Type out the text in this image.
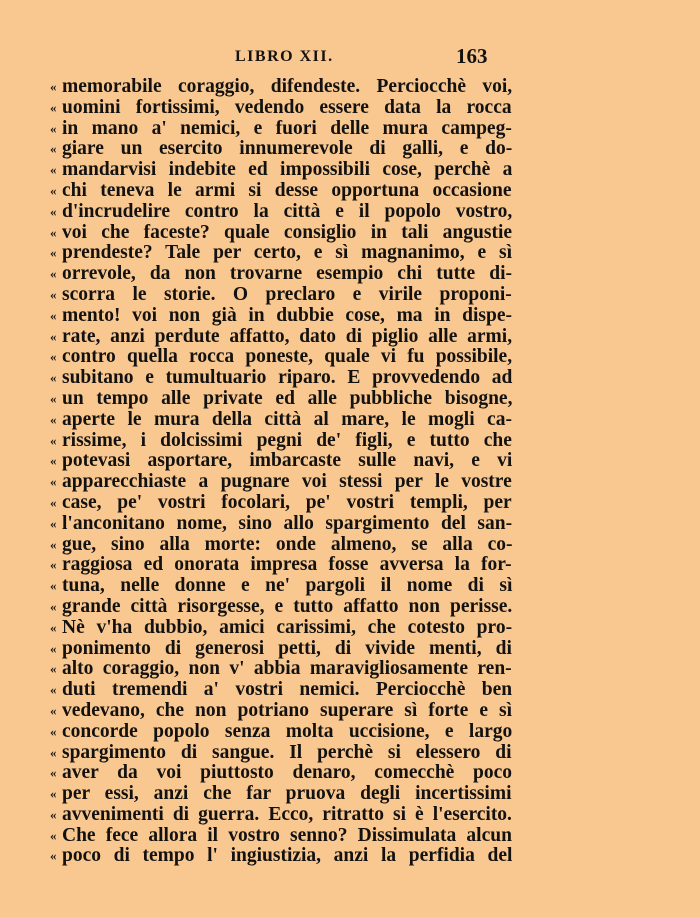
LIBRO XII.	163
« memorabile coraggio, difendeste. Perciocchè voi,
« uomini fortissimi, vedendo essere data la rocca
« in mano a' nemici, e fuori delle mura campeg-
« giare un esercito innumerevole di galli, e do-
« mandarvisi indebite ed impossibili cose, perchè a
« chi teneva le armi si desse opportuna occasione
« d'incrudelire contro la città e il popolo vostro,
« voi che faceste? quale consiglio in tali angustie
« prendeste? Tale per certo, e sì magnanimo, e sì
« orrevole, da non trovarne esempio chi tutte di-
« scorra le storie. O preclaro e virile proponi-
« mento! voi non già in dubbie cose, ma in dispe-
« rate, anzi perdute affatto, dato di piglio alle armi,
« contro quella rocca poneste, quale vi fu possibile,
« subitano e tumultuario riparo. E provvedendo ad
« un tempo alle private ed alle pubbliche bisogne,
« aperte le mura della città al mare, le mogli ca-
« rissime, i dolcissimi pegni de' figli, e tutto che
« potevasi asportare, imbarcaste sulle navi, e vi
« apparecchiaste a pugnare voi stessi per le vostre
« case, pe' vostri focolari, pe' vostri templi, per
« l'anconitano nome, sino allo spargimento del san-
« gue, sino alla morte: onde almeno, se alla co-
« raggiosa ed onorata impresa fosse avversa la for-
« tuna, nelle donne e ne' pargoli il nome di sì
« grande città risorgesse, e tutto affatto non perisse.
« Nè v'ha dubbio, amici carissimi, che cotesto pro-
« ponimento di generosi petti, di vivide menti, di
« alto coraggio, non v' abbia maravigliosamente ren-
« duti tremendi a' vostri nemici. Perciocchè ben
« vedevano, che non potriano superare sì forte e sì
« concorde popolo senza molta uccisione, e largo
« spargimento di sangue. Il perchè si elessero di
« aver da voi piuttosto denaro, comecchè poco
« per essi, anzi che far pruova degli incertissimi
« avvenimenti di guerra. Ecco, ritratto si è l'esercito.
« Che fece allora il vostro senno? Dissimulata alcun
« poco di tempo l' ingiustizia, anzi la perfidia del
